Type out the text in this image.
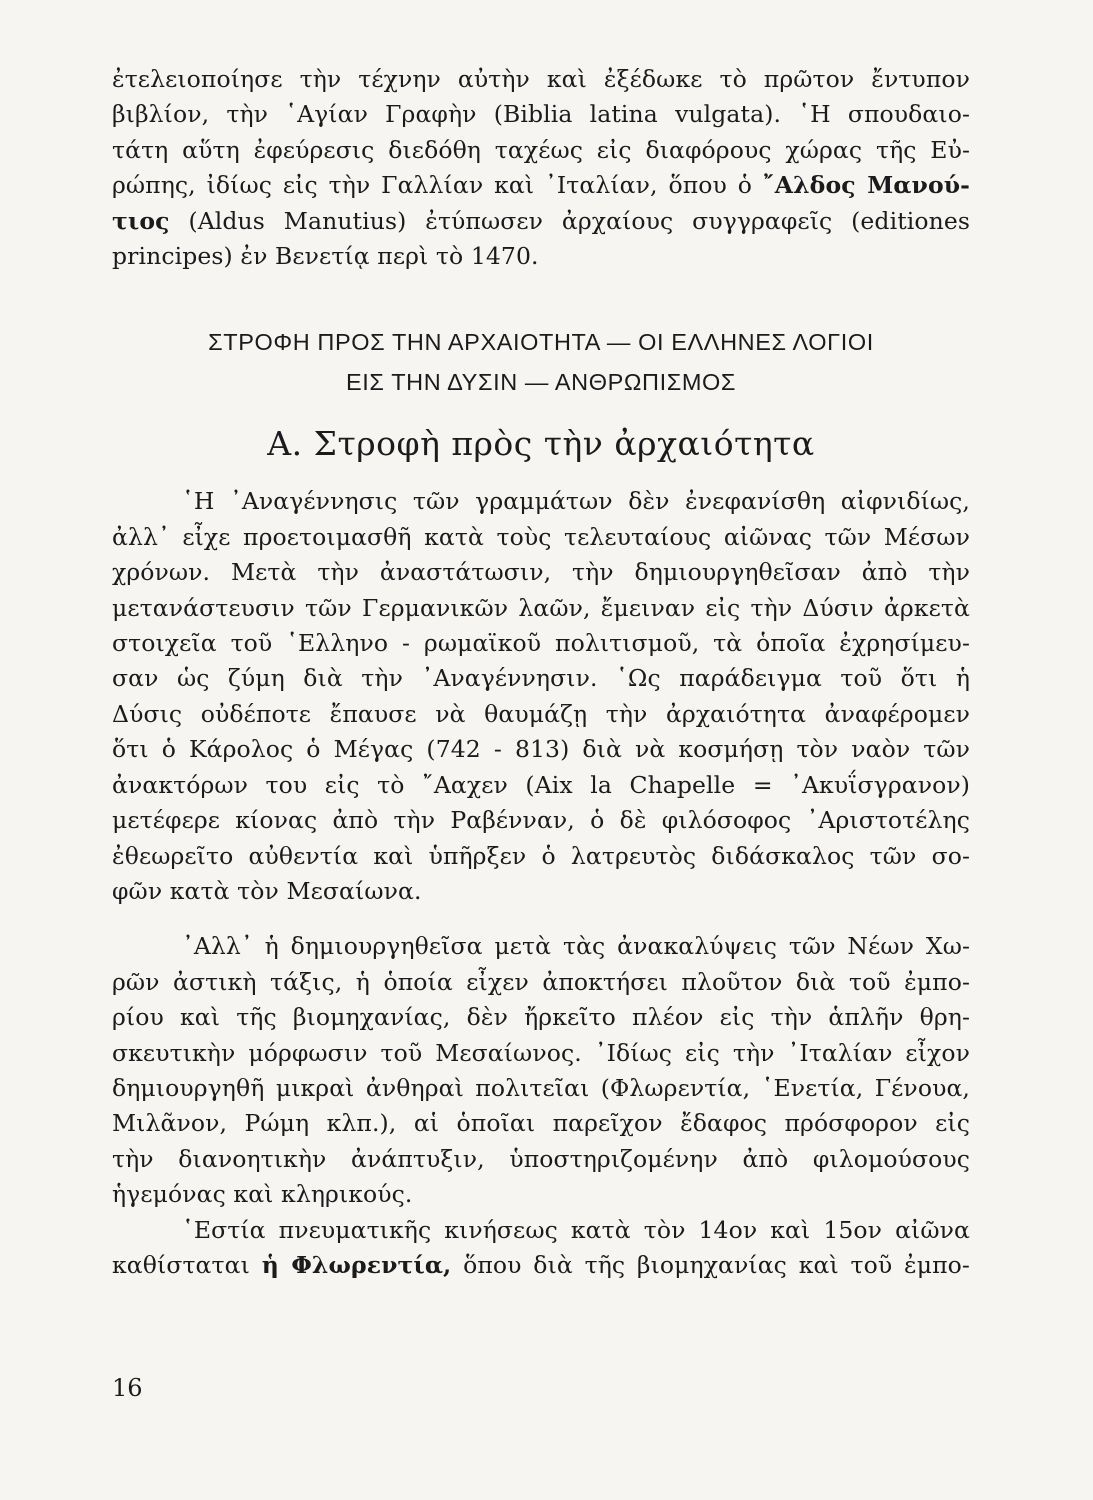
ἐτελειοποίησε τὴν τέχνην αὐτὴν καὶ ἐξέδωκε τὸ πρῶτον ἔντυπον
βιβλίον, τὴν ῾Αγίαν Γραφὴν (Biblia latina vulgata). ῾Η σπουδαιο-
τάτη αὕτη ἐφεύρεσις διεδόθη ταχέως εἰς διαφόρους χώρας τῆς Εὐ-
ρώπης, ἰδίως εἰς τὴν Γαλλίαν καὶ ᾿Ιταλίαν, ὅπου ὁ ῎Αλδος Μανού-
τιος (Aldus Manutius) ἐτύπωσεν ἀρχαίους συγγραφεῖς (editiones
principes) ἐν Βενετίᾳ περὶ τὸ 1470.
ΣΤΡΟΦΗ ΠΡΟΣ ΤΗΝ ΑΡΧΑΙΟΤΗΤΑ — ΟΙ ΕΛΛΗΝΕΣ ΛΟΓΙΟΙ
ΕΙΣ ΤΗΝ ΔΥΣΙΝ — ΑΝΘΡΩΠΙΣΜΟΣ
Α. Στροφὴ πρὸς τὴν ἀρχαιότητα
῾Η ᾿Αναγέννησις τῶν γραμμάτων δὲν ἐνεφανίσθη αἰφνιδίως,
ἀλλ᾿ εἶχε προετοιμασθῆ κατὰ τοὺς τελευταίους αἰῶνας τῶν Μέσων
χρόνων. Μετὰ τὴν ἀναστάτωσιν, τὴν δημιουργηθεῖσαν ἀπὸ τὴν
μετανάστευσιν τῶν Γερμανικῶν λαῶν, ἔμειναν εἰς τὴν Δύσιν ἀρκετὰ
στοιχεῖα τοῦ ῾Ελληνο - ρωμαϊκοῦ πολιτισμοῦ, τὰ ὁποῖα ἐχρησίμευ-
σαν ὡς ζύμη διὰ τὴν ᾿Αναγέννησιν. ῾Ως παράδειγμα τοῦ ὅτι ἡ
Δύσις οὐδέποτε ἔπαυσε νὰ θαυμάζῃ τὴν ἀρχαιότητα ἀναφέρομεν
ὅτι ὁ Κάρολος ὁ Μέγας (742 - 813) διὰ νὰ κοσμήσῃ τὸν ναὸν τῶν
ἀνακτόρων του εἰς τὸ ῎Ααχεν (Aix la Chapelle = ᾿Ακυΐσγρανον)
μετέφερε κίονας ἀπὸ τὴν Ραβένναν, ὁ δὲ φιλόσοφος ᾿Αριστοτέλης
ἐθεωρεῖτο αὐθεντία καὶ ὑπῆρξεν ὁ λατρευτὸς διδάσκαλος τῶν σο-
φῶν κατὰ τὸν Μεσαίωνα.
᾿Αλλ᾿ ἡ δημιουργηθεῖσα μετὰ τὰς ἀνακαλύψεις τῶν Νέων Χω-
ρῶν ἀστικὴ τάξις, ἡ ὁποία εἶχεν ἀποκτήσει πλοῦτον διὰ τοῦ ἐμπο-
ρίου καὶ τῆς βιομηχανίας, δὲν ἤρκεῖτο πλέον εἰς τὴν ἁπλῆν θρη-
σκευτικὴν μόρφωσιν τοῦ Μεσαίωνος. ᾿Ιδίως εἰς τὴν ᾿Ιταλίαν εἶχον
δημιουργηθῆ μικραὶ ἀνθηραὶ πολιτεῖαι (Φλωρεντία, ῾Ενετία, Γένουα,
Μιλᾶνον, Ρώμη κλπ.), αἱ ὁποῖαι παρεῖχον ἔδαφος πρόσφορον εἰς
τὴν διανοητικὴν ἀνάπτυξιν, ὑποστηριζομένην ἀπὸ φιλομούσους
ἡγεμόνας καὶ κληρικούς.
῾Εστία πνευματικῆς κινήσεως κατὰ τὸν 14ον καὶ 15ον αἰῶνα
καθίσταται ἡ Φλωρεντία, ὅπου διὰ τῆς βιομηχανίας καὶ τοῦ ἐμπο-
16
